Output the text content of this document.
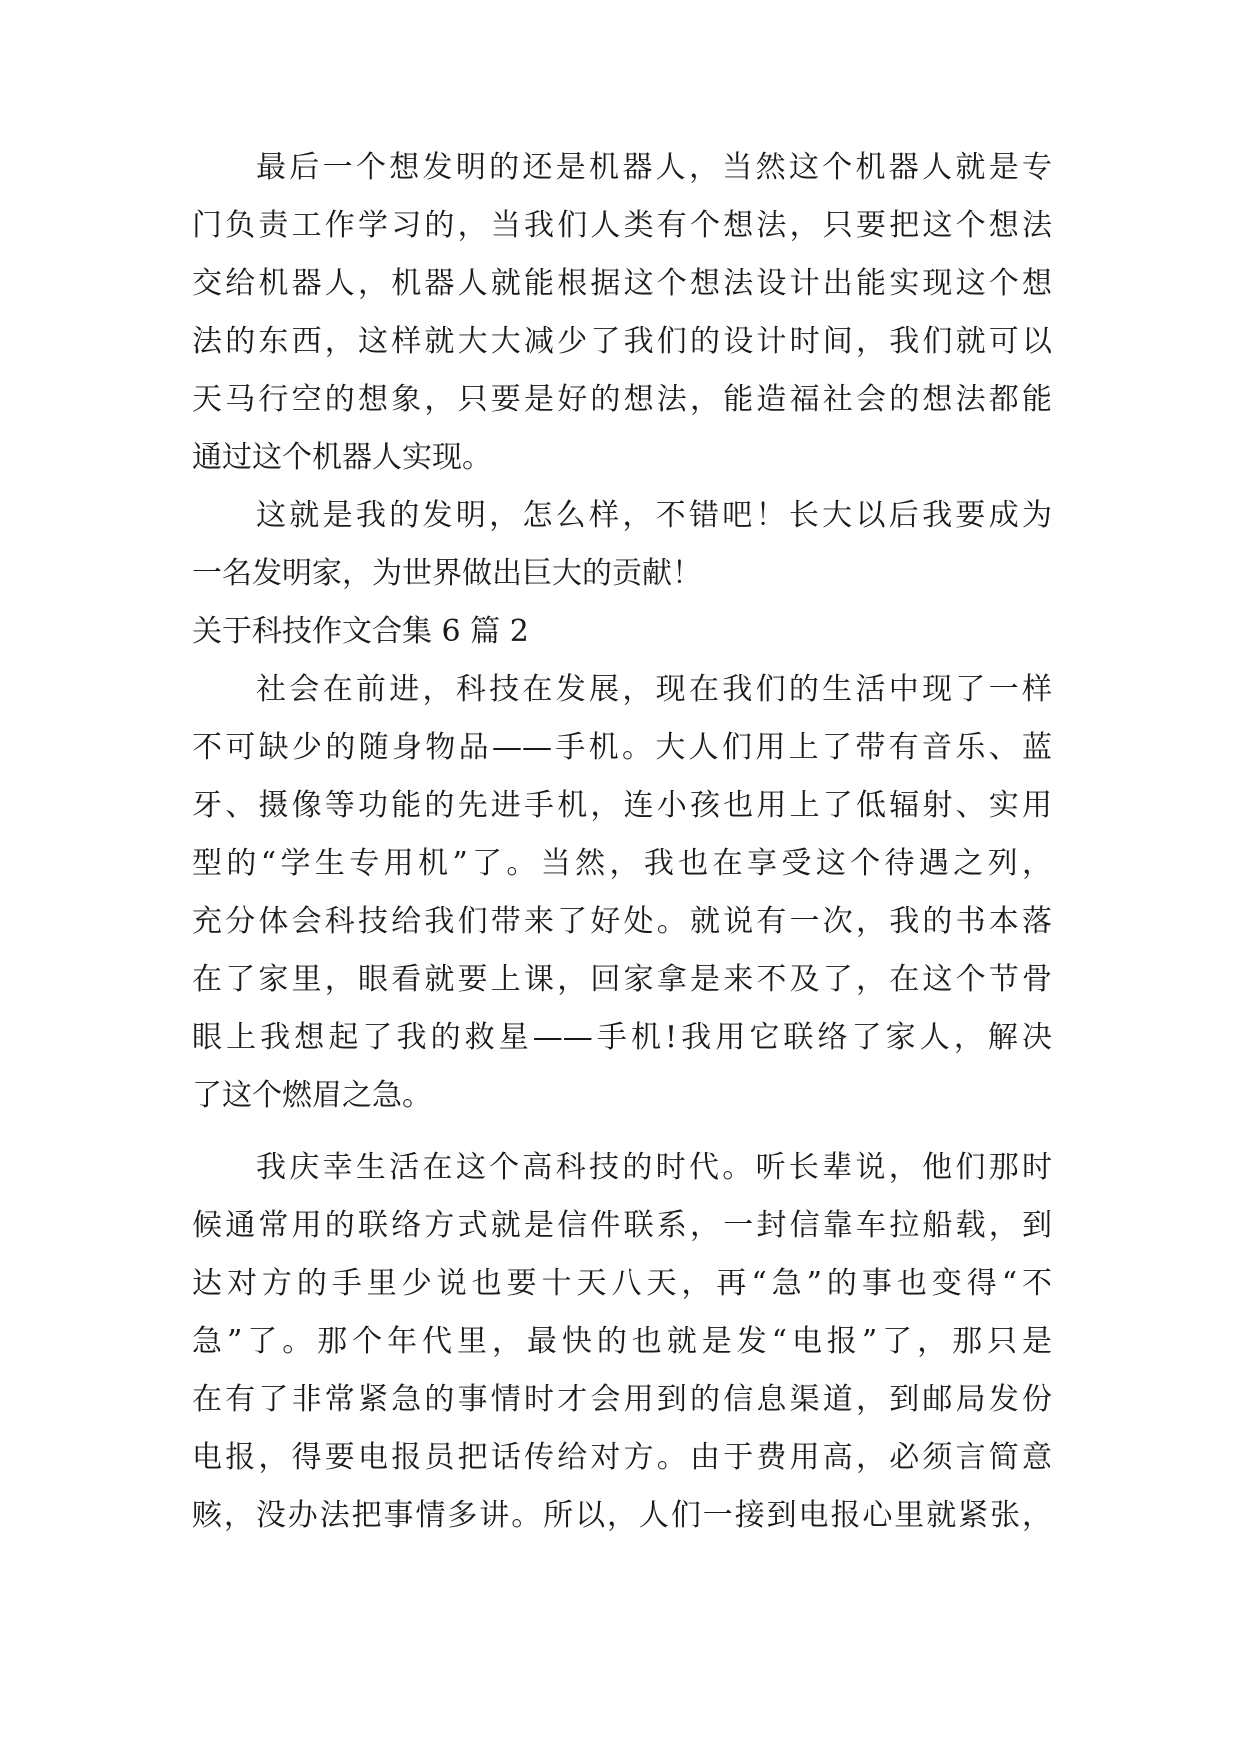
最后一个想发明的还是机器人，当然这个机器人就是专
门负责工作学习的，当我们人类有个想法，只要把这个想法
交给机器人，机器人就能根据这个想法设计出能实现这个想
法的东西，这样就大大减少了我们的设计时间，我们就可以
天马行空的想象，只要是好的想法，能造福社会的想法都能
通过这个机器人实现。
这就是我的发明，怎么样，不错吧！长大以后我要成为
一名发明家，为世界做出巨大的贡献！
关于科技作文合集 6 篇 2
社会在前进，科技在发展，现在我们的生活中现了一样
不可缺少的随身物品——手机。大人们用上了带有音乐、蓝
牙、摄像等功能的先进手机，连小孩也用上了低辐射、实用
型的“学生专用机”了。当然，我也在享受这个待遇之列，
充分体会科技给我们带来了好处。就说有一次，我的书本落
在了家里，眼看就要上课，回家拿是来不及了，在这个节骨
眼上我想起了我的救星——手机!我用它联络了家人，解决
了这个燃眉之急。
我庆幸生活在这个高科技的时代。听长辈说，他们那时
候通常用的联络方式就是信件联系，一封信靠车拉船载，到
达对方的手里少说也要十天八天，再“急”的事也变得“不
急”了。那个年代里，最快的也就是发“电报”了，那只是
在有了非常紧急的事情时才会用到的信息渠道，到邮局发份
电报，得要电报员把话传给对方。由于费用高，必须言简意
赅，没办法把事情多讲。所以，人们一接到电报心里就紧张，
